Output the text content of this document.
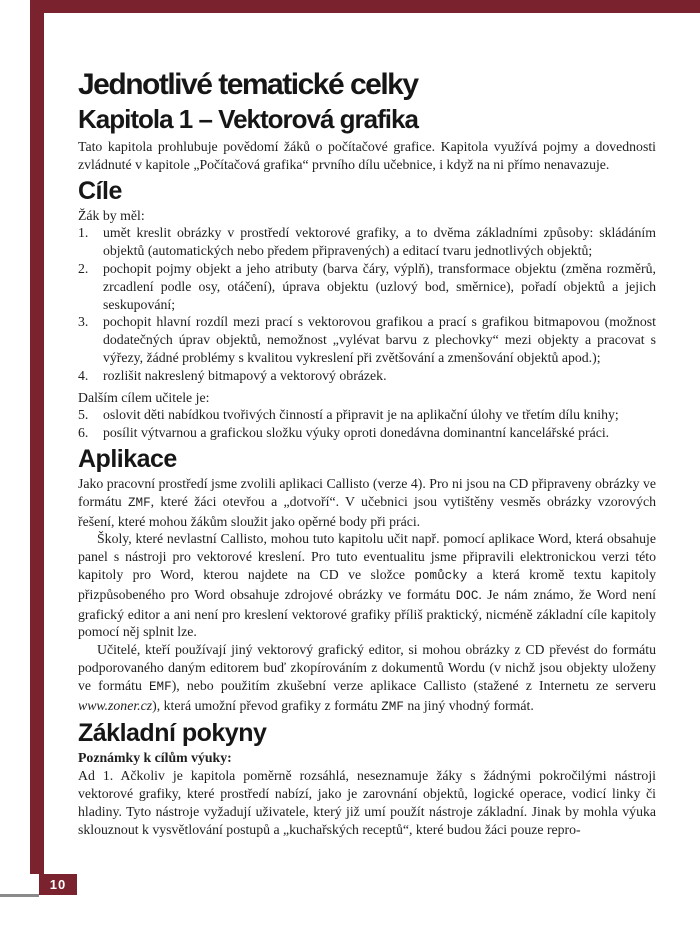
Jednotlivé tematické celky
Kapitola 1 – Vektorová grafika

Tato kapitola prohlubuje povědomí žáků o počítačové grafice. Kapitola využívá pojmy a dovednosti zvládnuté v kapitole „Počítačová grafika“ prvního dílu učebnice, i když na ni přímo nenavazuje.

Cíle

Žák by měl:

1. umět kreslit obrázky v prostředí vektorové grafiky, a to dvěma základními způsoby: skládáním objektů (automatických nebo předem připravených) a editací tvaru jednotlivých objektů;
2. pochopit pojmy objekt a jeho atributy (barva čáry, výplň), transformace objektu (změna rozměrů, zrcadlení podle osy, otáčení), úprava objektu (uzlový bod, směrnice), pořadí objektů a jejich seskupování;
3. pochopit hlavní rozdíl mezi prací s vektorovou grafikou a prací s grafikou bitmapovou (možnost dodatečných úprav objektů, nemožnost „vylévat barvu z plechovky“ mezi objekty a pracovat s výřezy, žádné problémy s kvalitou vykreslení při zvětšování a zmenšování objektů apod.);
4. rozlišit nakreslený bitmapový a vektorový obrázek.

Dalším cílem učitele je:

5. oslovit děti nabídkou tvořivých činností a připravit je na aplikační úlohy ve třetím dílu knihy;
6. posílit výtvarnou a grafickou složku výuky oproti donedávna dominantní kancelářské práci.
Aplikace

Jako pracovní prostředí jsme zvolili aplikaci Callisto (verze 4). Pro ni jsou na CD připraveny obrázky ve formátu ZMF, které žáci otevřou a „dotvoří“. V učebnici jsou vytištěny vesměs obrázky vzorových řešení, které mohou žákům sloužit jako opěrné body při práci.

Školy, které nevlastní Callisto, mohou tuto kapitolu učit např. pomocí aplikace Word, která obsahuje panel s nástroji pro vektorové kreslení. Pro tuto eventualitu jsme připravili elektronickou verzi této kapitoly pro Word, kterou najdete na CD ve složce pomůcky a která kromě textu kapitoly přizpůsobeného pro Word obsahuje zdrojové obrázky ve formátu DOC. Je nám známo, že Word není grafický editor a ani není pro kreslení vektorové grafiky příliš praktický, nicméně základní cíle kapitoly pomocí něj splnit lze.

Učitelé, kteří používají jiný vektorový grafický editor, si mohou obrázky z CD převést do formátu podporovaného daným editorem buď zkopírováním z dokumentů Wordu (v nichž jsou objekty uloženy ve formátu EMF), nebo použitím zkušební verze aplikace Callisto (stažené z Internetu ze serveru www.zoner.cz), která umožní převod grafiky z formátu ZMF na jiný vhodný formát.

Základní pokyny

Poznámky k cílům výuky:

Ad 1. Ačkoliv je kapitola poměrně rozsáhlá, neseznamuje žáky s žádnými pokročilými nástroji vektorové grafiky, které prostředí nabízí, jako je zarovnání objektů, logické operace, vodicí linky či hladiny. Tyto nástroje vyžadují uživatele, který již umí použít nástroje základní. Jinak by mohla výuka sklouznout k vysvětlování postupů a „kuchařských receptů“, které budou žáci pouze repro-

10
